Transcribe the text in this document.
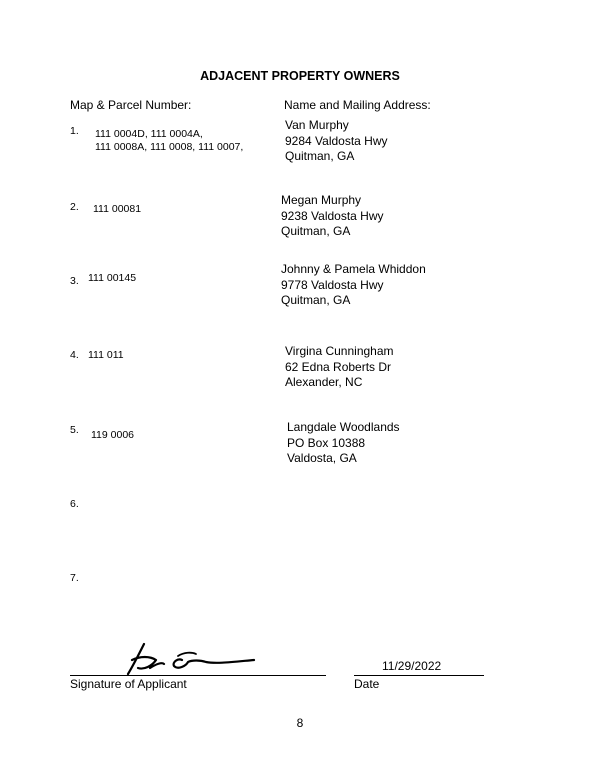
ADJACENT PROPERTY OWNERS
Map & Parcel Number:	Name and Mailing Address:
1. 111 0004D, 111 0004A,
111 0008A, 111 0008, 111 0007,
Van Murphy
9284 Valdosta Hwy
Quitman, GA
2. 111 00081
Megan Murphy
9238 Valdosta Hwy
Quitman, GA
3. 111 00145
Johnny & Pamela Whiddon
9778 Valdosta Hwy
Quitman, GA
4. 111 011	Virgina Cunningham
62 Edna Roberts Dr
Alexander, NC
5. 119 0006
Langdale Woodlands
PO Box 10388
Valdosta, GA
6.
7.
Signature of Applicant
11/29/2022
Date
8
